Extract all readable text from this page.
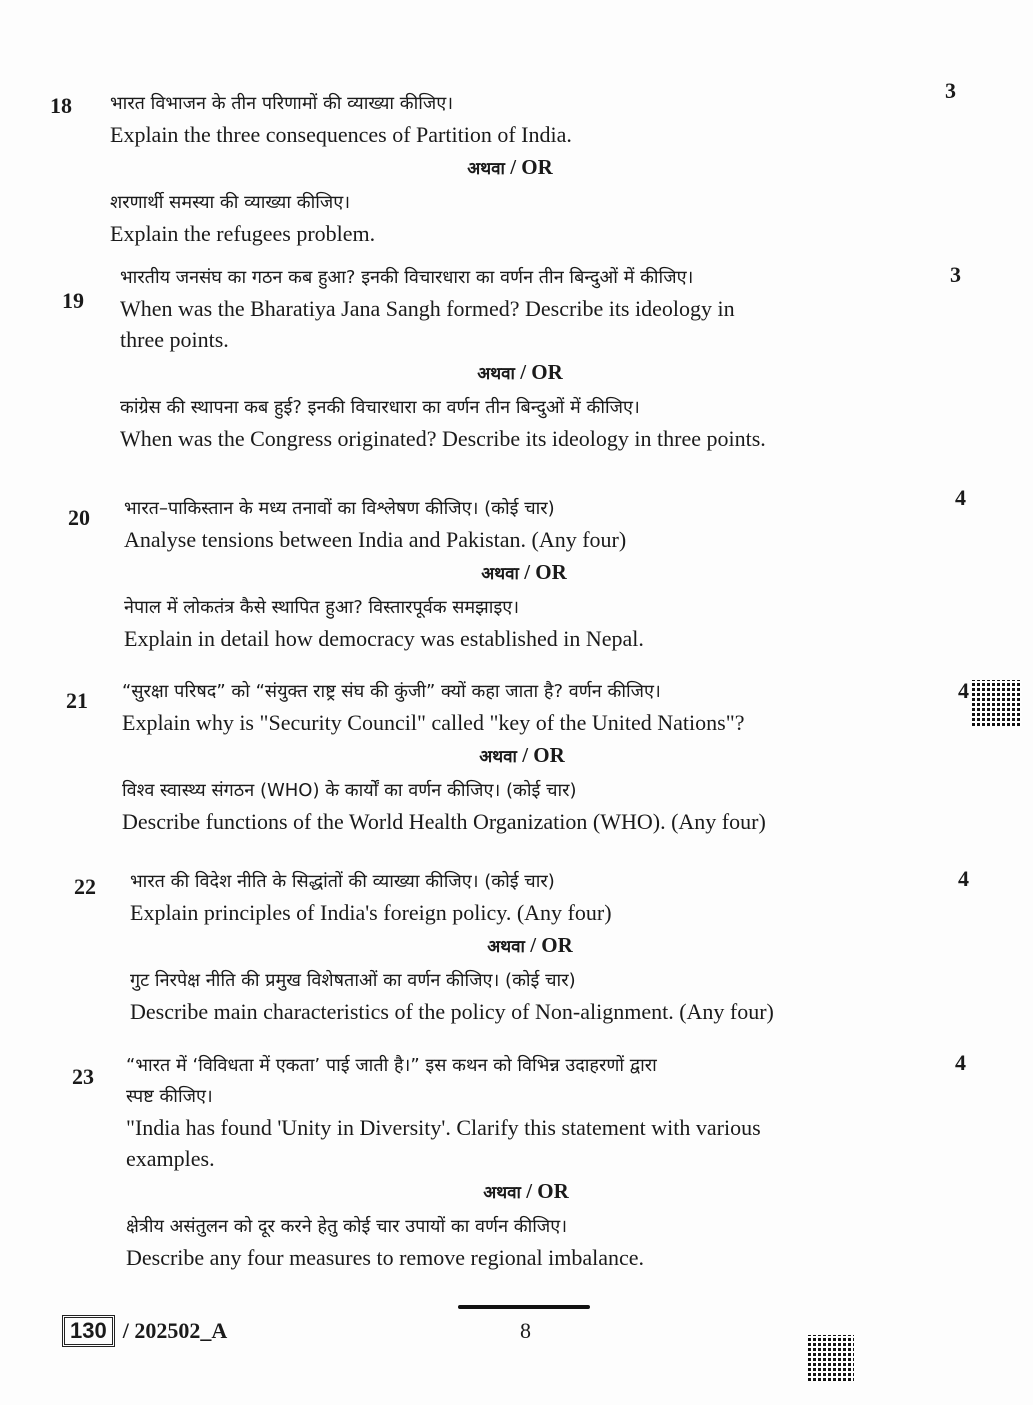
18
3
भारत विभाजन के तीन परिणामों की व्याख्या कीजिए।
Explain the three consequences of Partition of India.
अथवा / OR
शरणार्थी समस्या की व्याख्या कीजिए।
Explain the refugees problem.
19
3
भारतीय जनसंघ का गठन कब हुआ? इनकी विचारधारा का वर्णन तीन बिन्दुओं में कीजिए।
When was the Bharatiya Jana Sangh formed? Describe its ideology in
three points.
अथवा / OR
कांग्रेस की स्थापना कब हुई? इनकी विचारधारा का वर्णन तीन बिन्दुओं में कीजिए।
When was the Congress originated? Describe its ideology in three points.
20
4
भारत–पाकिस्तान के मध्य तनावों का विश्लेषण कीजिए। (कोई चार)
Analyse tensions between India and Pakistan. (Any four)
अथवा / OR
नेपाल में लोकतंत्र कैसे स्थापित हुआ? विस्तारपूर्वक समझाइए।
Explain in detail how democracy was established in Nepal.
21	4
“सुरक्षा परिषद” को “संयुक्त राष्ट्र संघ की कुंजी” क्यों कहा जाता है? वर्णन कीजिए।
Explain why is "Security Council" called "key of the United Nations"?
अथवा / OR
विश्व स्वास्थ्य संगठन (WHO) के कार्यों का वर्णन कीजिए। (कोई चार)
Describe functions of the World Health Organization (WHO). (Any four)
22	4
भारत की विदेश नीति के सिद्धांतों की व्याख्या कीजिए। (कोई चार)
Explain principles of India's foreign policy. (Any four)
अथवा / OR
गुट निरपेक्ष नीति की प्रमुख विशेषताओं का वर्णन कीजिए। (कोई चार)
Describe main characteristics of the policy of Non-alignment. (Any four)
23
4
“भारत में ‘विविधता में एकता’ पाई जाती है।” इस कथन को विभिन्न उदाहरणों द्वारा
स्पष्ट कीजिए।
"India has found 'Unity in Diversity'. Clarify this statement with various
examples.
अथवा / OR
क्षेत्रीय असंतुलन को दूर करने हेतु कोई चार उपायों का वर्णन कीजिए।
Describe any four measures to remove regional imbalance.
130 / 202502_A	8
